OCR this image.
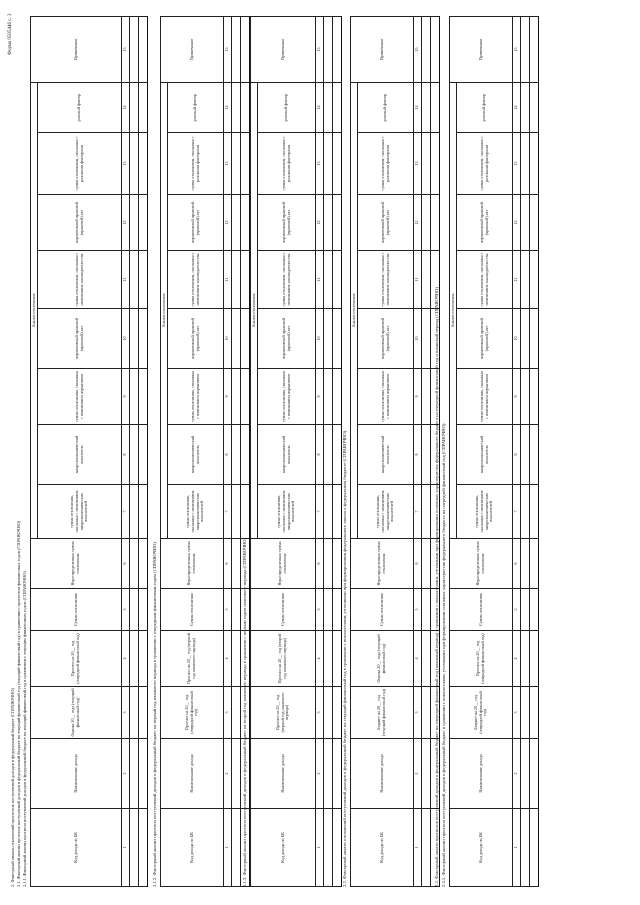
Форма 0505446 с. 3
2. Факторный анализ отклонений прогнозов поступлений доходов в федеральный бюджет (СПРАВОЧНО) 2.1. Факторный анализ прогноза поступлений доходов в федеральный бюджет на текущий финансовый год (текущий финансовый год) в сравнении с прогнозом финансовых годов (СПРАВОЧНО) 2.1.1. Факторный анализ прогноза поступлений доходов в федеральный бюджет на текущий финансовый год в сравнении с текущим финансовым годом (СПРАВОЧНО)	Код дохода по БК	Наименование дохода	Оценка 20__ года (текущий финансовый год)	Прогноз на 20__ год (очередной финансовый год)	Сумма отклонения	Нераспределенная сумма отклонения	Анализ отклонения								Примечание
						сумма отклонения, связанная с изменением макроэкономических показателей	макроэкономический показатель	сумма отклонения, связанная с изменением нормативов	нормативный правовой (правовой) акт	сумма отклонения, связанная с изменением законодательства	нормативный правовой (правовой) акт	сумма отклонения, связанная с разовыми факторами	разовый фактор	
1	2	3	4	5	6	7	8	9	10	11	12	13	14	15

2.1.2. Факторный анализ прогноза поступлений доходов в федеральный бюджет на первый год планового периода в сравнении с очередным финансовым годом (СПРАВОЧНО)	Код дохода по БК	Наименование дохода	Прогноз на 20__ год (очередной финансовый год)	Прогноз на 20__ год (первый год планового периода)	Сумма отклонения	Нераспределенная сумма отклонения	Анализ отклонения								Примечание
						сумма отклонения, связанная с изменением макроэкономических показателей	макроэкономический показатель	сумма отклонения, связанная с изменением нормативов	нормативный правовой (правовой) акт	сумма отклонения, связанная с изменением законодательства	нормативный правовой (правовой) акт	сумма отклонения, связанная с разовыми факторами	разовый фактор	
1	2	3	4	5	6	7	8	9	10	11	12	13	14	15

2.1.3. Факторный анализ прогноза поступлений доходов в федеральный бюджет на второй год планового периода в сравнении с первым годом планового периода (СПРАВОЧНО)	Код дохода по БК	Наименование дохода	Прогноз на 20__ год (первый год планового периода)	Прогноз на 20__ год (второй год планового периода)	Сумма отклонения	Нераспределенная сумма отклонения	Анализ отклонения								Примечание
						сумма отклонения, связанная с изменением макроэкономических показателей	макроэкономический показатель	сумма отклонения, связанная с изменением нормативов	нормативный правовой (правовой) акт	сумма отклонения, связанная с изменением законодательства	нормативный правовой (правовой) акт	сумма отклонения, связанная с разовыми факторами	разовый фактор	
1	2	3	4	5	6	7	8	9	10	11	12	13	14	15

2.2. Факторный анализ отклонений поступлений доходов в федеральный бюджет на текущий финансовый год в сравнении с показателями, учтенными при формировании федерального закона о федеральном бюджете (СПРАВОЧНО)	Код дохода по БК	Наименование дохода	Бюджет на 20__ год (текущий финансовый год)	Оценка 20__ года (текущий финансовый год)	Сумма отклонения	Нераспределенная сумма отклонения	Анализ отклонения								Примечание
						сумма отклонения, связанная с изменением макроэкономических показателей	макроэкономический показатель	сумма отклонения, связанная с изменением нормативов	нормативный правовой (правовой) акт	сумма отклонения, связанная с изменением законодательства	нормативный правовой (правовой) акт	сумма отклонения, связанная с разовыми факторами	разовый фактор	
1	2	3	4	5	6	7	8	9	10	11	12	13	14	15

2.3. Факторный анализ прогнозов поступлений доходов в федеральный бюджет на очередной финансовый год (плановый период) в сравнении с показателями, учтенными при формировании основных характеристик федерального бюджета на очередной финансовый год и плановый период (СПРАВОЧНО) 2.3.1. Факторный анализ прогноза поступлений доходов в федеральный бюджет в сравнении с показателями, учтенными при формировании основных характеристик федерального бюджета на очередной финансовый год (СПРАВОЧНО)	Код дохода по БК	Наименование дохода	Бюджет на 20__ год (очередной финансовый год)	Прогноз на 20__ год (очередной финансовый год)	Сумма отклонения	Нераспределенная сумма отклонения	Анализ отклонения								Примечание
						сумма отклонения, связанная с изменением макроэкономических показателей	макроэкономический показатель	сумма отклонения, связанная с изменением нормативов	нормативный правовой (правовой) акт	сумма отклонения, связанная с изменением законодательства	нормативный правовой (правовой) акт	сумма отклонения, связанная с разовыми факторами	разовый фактор	
1	2	3	4	5	6	7	8	9	10	11	12	13	14	15
